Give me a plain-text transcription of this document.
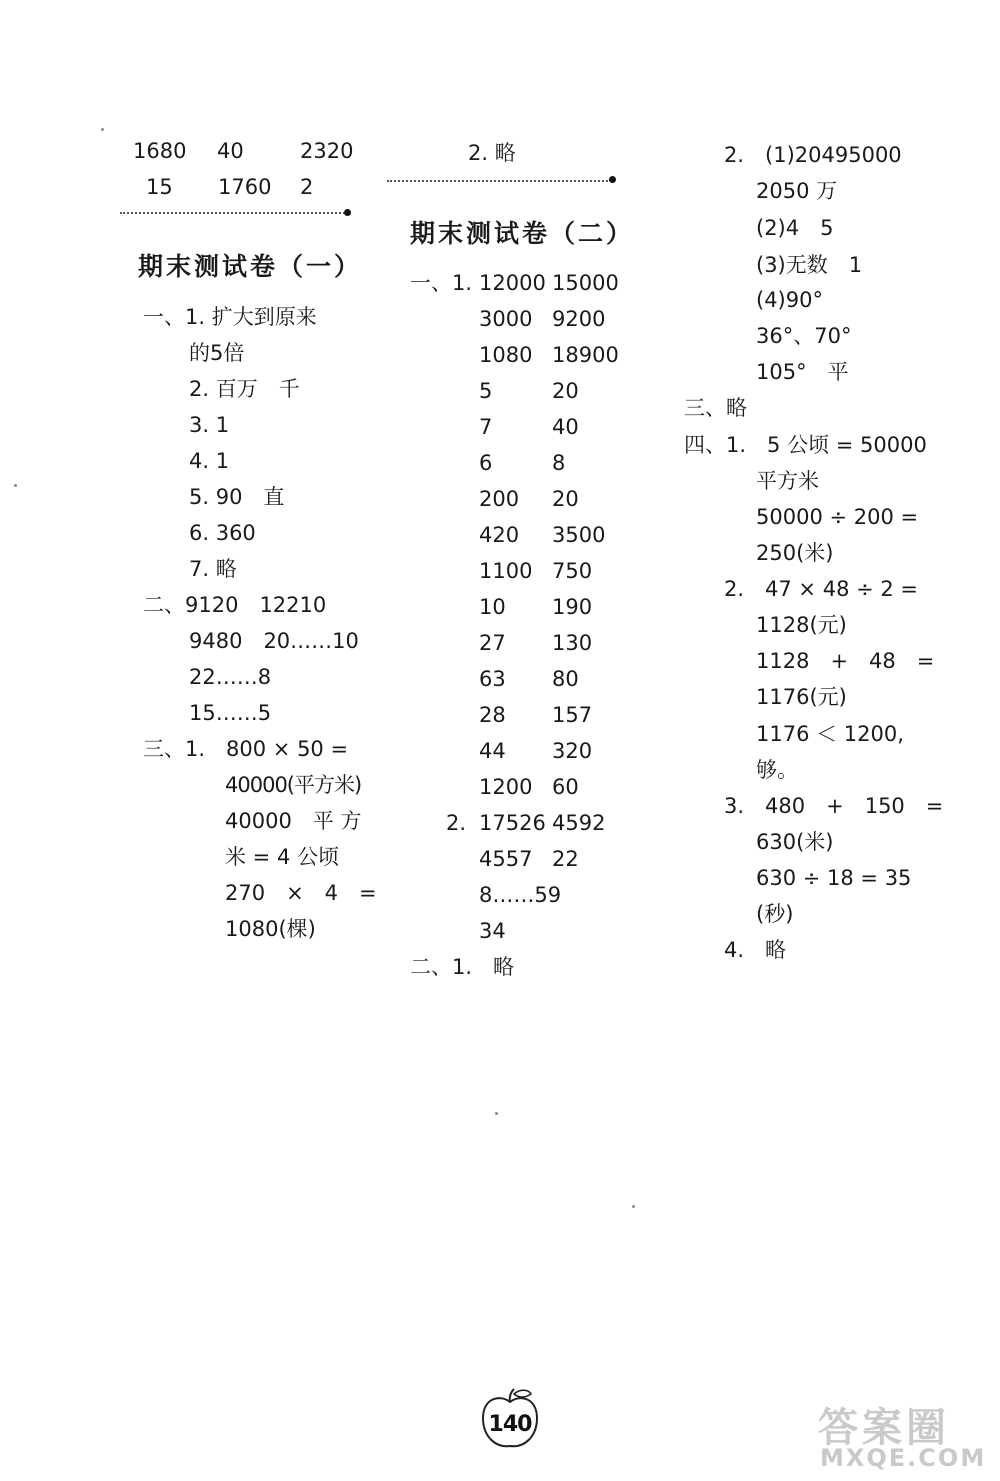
1680 40	2320
15 1760 2
期末测试卷（一）
一、1. 扩大到原来
的5倍
2. 百万　千
3. 1
4. 1
5. 90　直
6. 360
7. 略
二、9120　12210
9480　20……10
22……8
15……5
三、1.　800 × 50 =
40000(平方米)
40000　平 方
米 = 4 公顷
270　×　4　=
1080(棵)
2. 略
期末测试卷（二）
一、1. 12000 15000
3000 9200
1080 18900
5	20
7	40
6	8
200 20
420 3500
1100 750
10 190
27 130
63 80
28 157
44 320
1200 60
2. 17526 4592
4557 22
8……59
34
二、1.　略
2.　(1)20495000
2050 万
(2)4　5
(3)无数　1
(4)90°
36°、70°
105°　平
三、略
四、1.　5 公顷 = 50000
平方米
50000 ÷ 200 =
250(米)
2.　47 × 48 ÷ 2 =
1128(元)
1128　+　48　=
1176(元)
1176 ＜ 1200,
够。
3.　480　+　150　=
630(米)
630 ÷ 18 = 35
(秒)
4.　略
140	答案圈
MXQE.COM
